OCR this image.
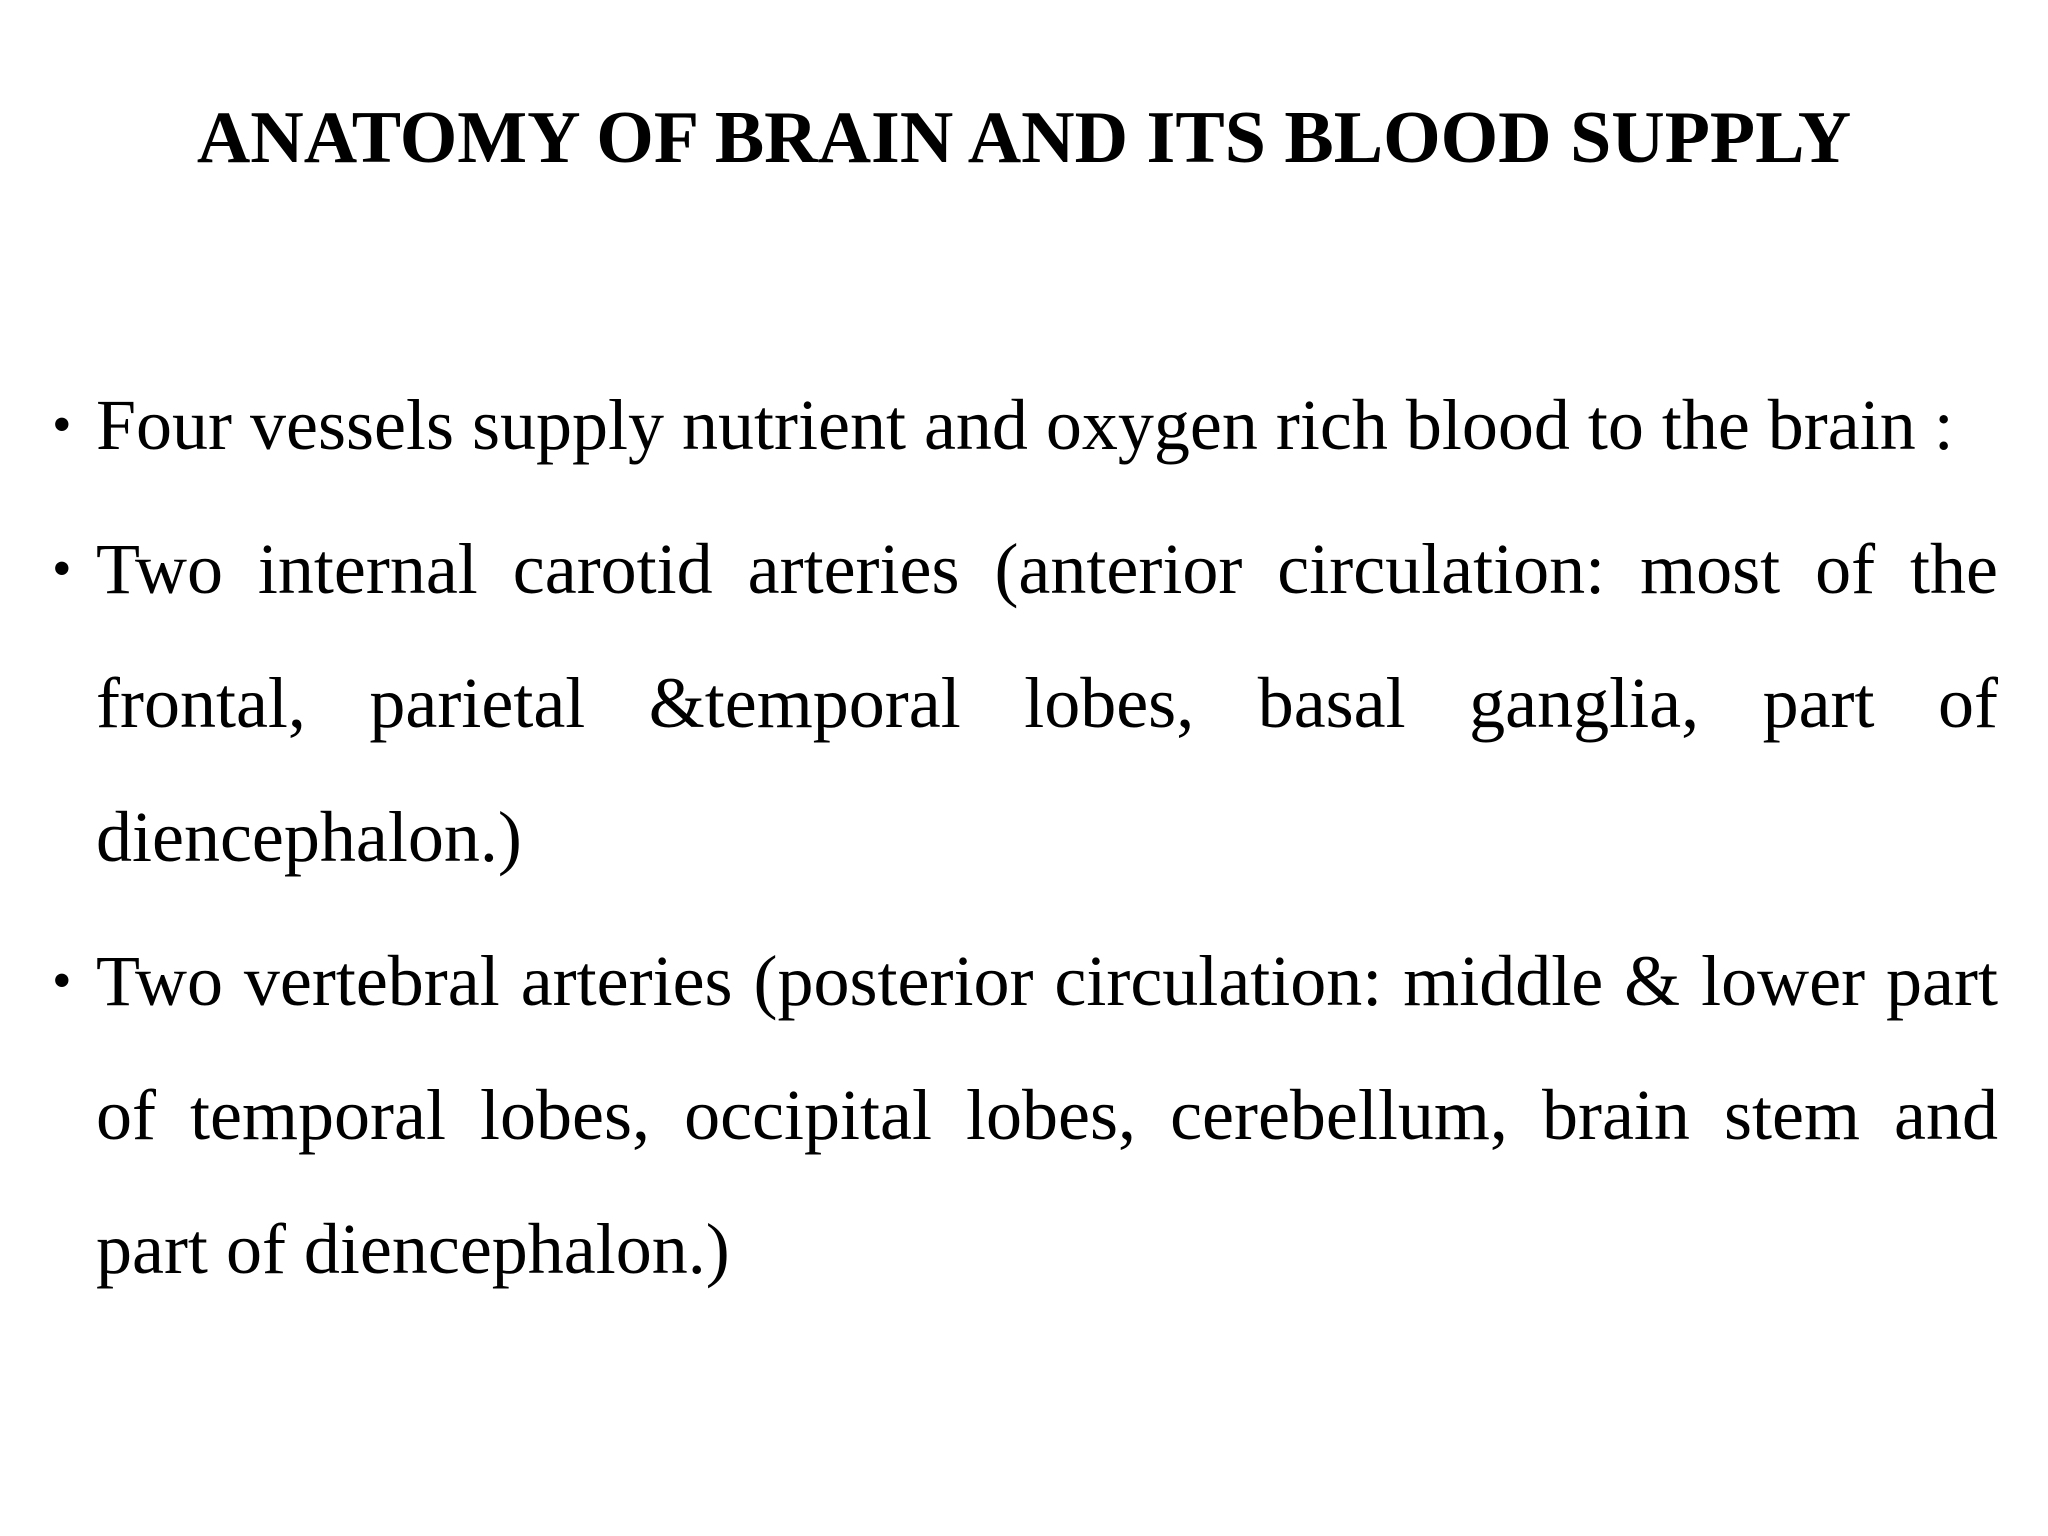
ANATOMY OF BRAIN AND ITS BLOOD SUPPLY
• Four vessels supply nutrient and oxygen rich blood to the brain :
• Two internal carotid arteries (anterior circulation: most of the frontal, parietal &temporal lobes, basal ganglia, part of diencephalon.)
• Two vertebral arteries (posterior circulation: middle & lower part of temporal lobes, occipital lobes, cerebellum, brain stem and part of diencephalon.)
